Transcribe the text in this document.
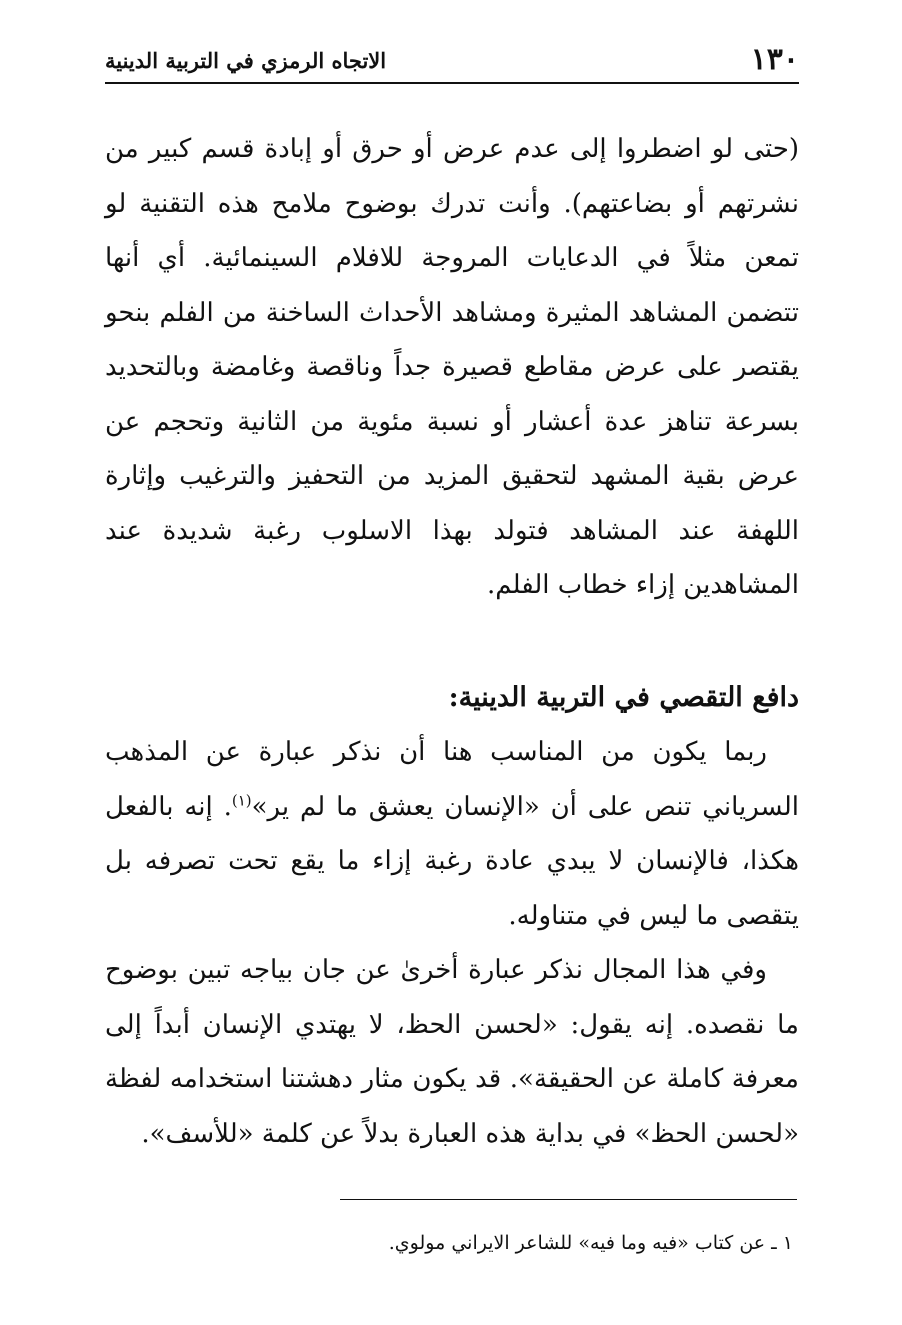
١٣٠
الاتجاه الرمزي في التربية الدينية

(حتى لو اضطروا إلى عدم عرض أو حرق أو إبادة قسم كبير من نشرتهم أو بضاعتهم). وأنت تدرك بوضوح ملامح هذه التقنية لو تمعن مثلاً في الدعايات المروجة للافلام السينمائية. أي أنها تتضمن المشاهد المثيرة ومشاهد الأحداث الساخنة من الفلم بنحو يقتصر على عرض مقاطع قصيرة جداً وناقصة وغامضة وبالتحديد بسرعة تناهز عدة أعشار أو نسبة مئوية من الثانية وتحجم عن عرض بقية المشهد لتحقيق المزيد من التحفيز والترغيب وإثارة اللهفة عند المشاهد فتولد بهذا الاسلوب رغبة شديدة عند المشاهدين إزاء خطاب الفلم.

دافع التقصي في التربية الدينية:

ربما يكون من المناسب هنا أن نذكر عبارة عن المذهب السرياني تنص على أن «الإنسان يعشق ما لم ير»$^{(١)}$. إنه بالفعل هكذا، فالإنسان لا يبدي عادة رغبة إزاء ما يقع تحت تصرفه بل يتقصى ما ليس في متناوله.

وفي هذا المجال نذكر عبارة أخرىٰ عن جان بياجه تبين بوضوح ما نقصده. إنه يقول: «لحسن الحظ، لا يهتدي الإنسان أبداً إلى معرفة كاملة عن الحقيقة». قد يكون مثار دهشتنا استخدامه لفظة «لحسن الحظ» في بداية هذه العبارة بدلاً عن كلمة «للأسف».

١ ـ عن كتاب «فيه وما فيه» للشاعر الايراني مولوي.
